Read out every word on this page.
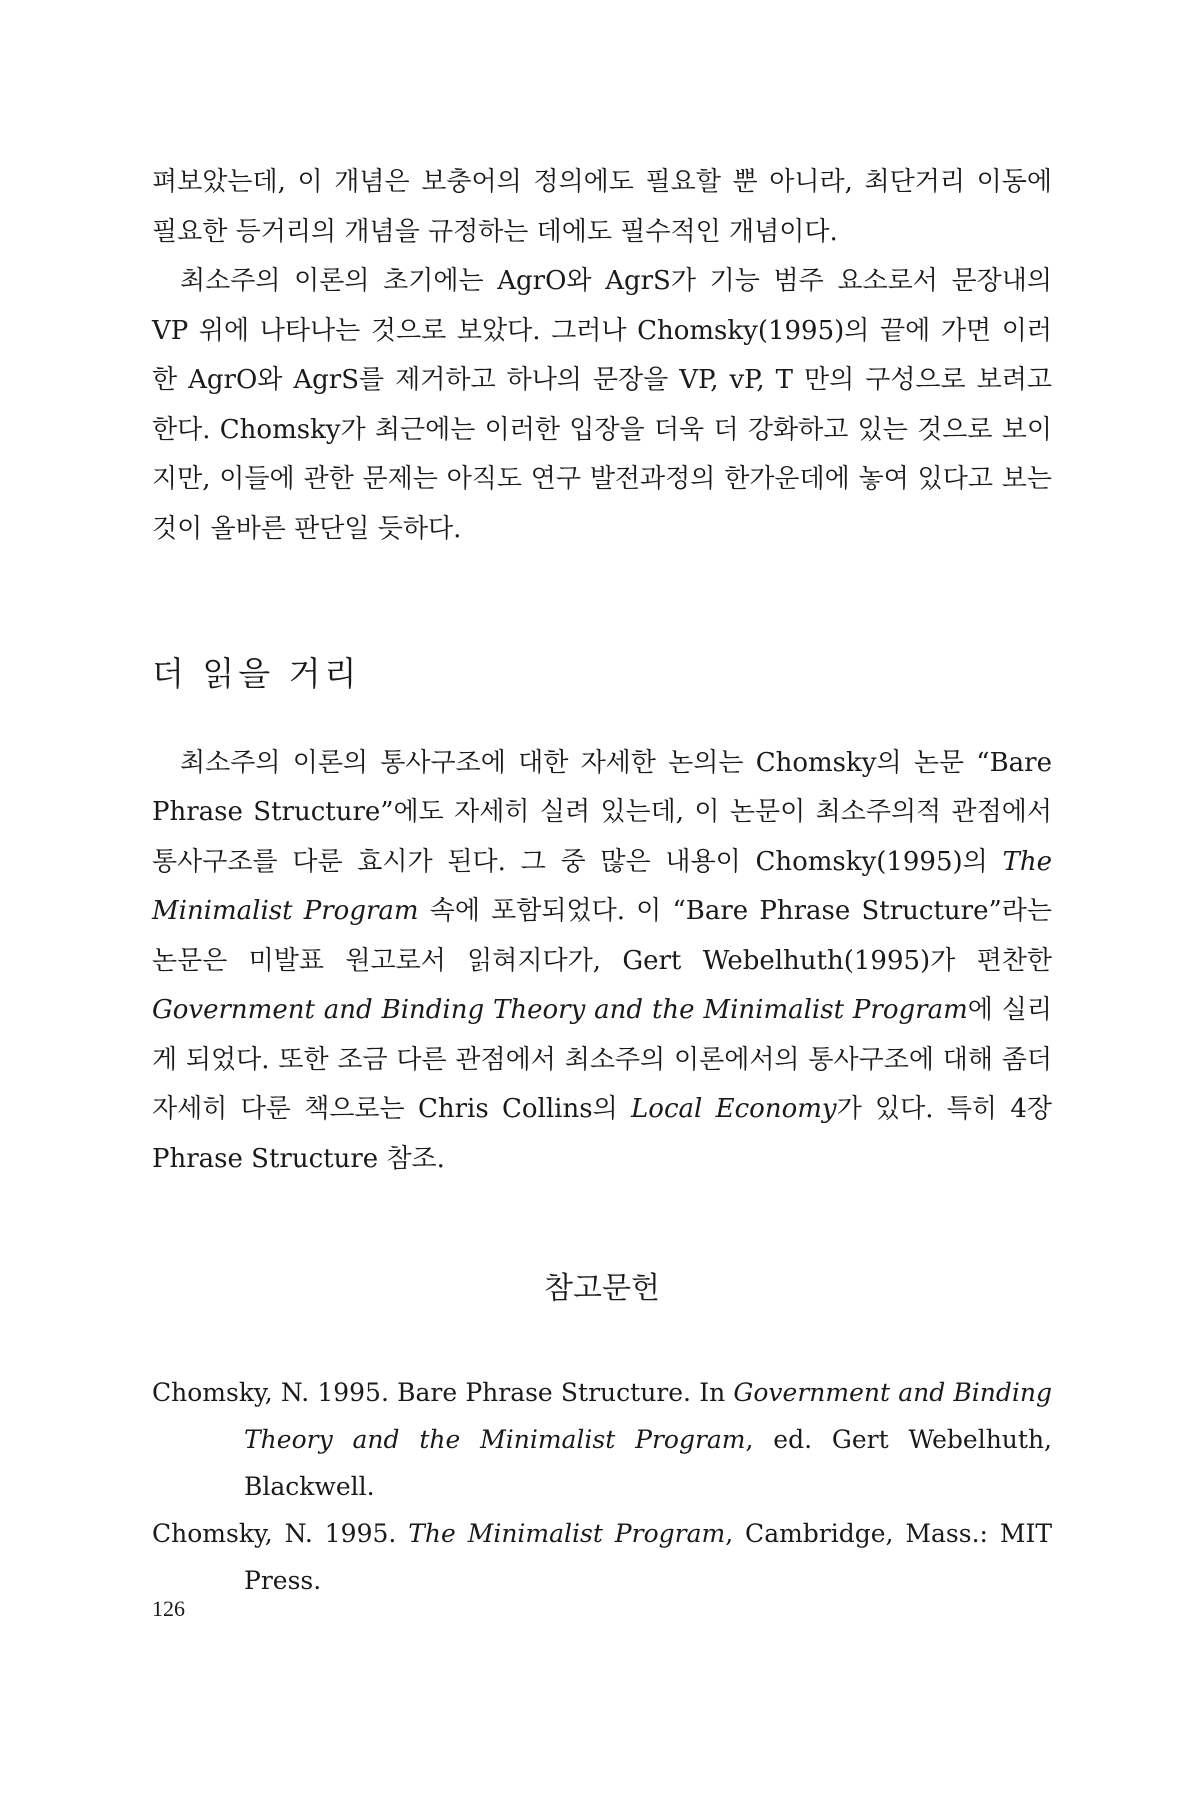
펴보았는데, 이 개념은 보충어의 정의에도 필요할 뿐 아니라, 최단거리 이동에 필요한 등거리의 개념을 규정하는 데에도 필수적인 개념이다.

최소주의 이론의 초기에는 AgrO와 AgrS가 기능 범주 요소로서 문장내의 VP 위에 나타나는 것으로 보았다. 그러나 Chomsky(1995)의 끝에 가면 이러한 AgrO와 AgrS를 제거하고 하나의 문장을 VP, vP, T 만의 구성으로 보려고 한다. Chomsky가 최근에는 이러한 입장을 더욱 더 강화하고 있는 것으로 보이지만, 이들에 관한 문제는 아직도 연구 발전과정의 한가운데에 놓여 있다고 보는 것이 올바른 판단일 듯하다.

더 읽을 거리

최소주의 이론의 통사구조에 대한 자세한 논의는 Chomsky의 논문 “Bare Phrase Structure”에도 자세히 실려 있는데, 이 논문이 최소주의적 관점에서 통사구조를 다룬 효시가 된다. 그 중 많은 내용이 Chomsky(1995)의 The Minimalist Program 속에 포함되었다. 이 “Bare Phrase Structure”라는 논문은 미발표 원고로서 읽혀지다가, Gert Webelhuth(1995)가 편찬한 Government and Binding Theory and the Minimalist Program에 실리게 되었다. 또한 조금 다른 관점에서 최소주의 이론에서의 통사구조에 대해 좀더 자세히 다룬 책으로는 Chris Collins의 Local Economy가 있다. 특히 4장 Phrase Structure 참조.

참고문헌

Chomsky, N. 1995. Bare Phrase Structure. In Government and Binding Theory and the Minimalist Program, ed. Gert Webelhuth, Blackwell.

Chomsky, N. 1995. The Minimalist Program, Cambridge, Mass.: MIT Press.

126
